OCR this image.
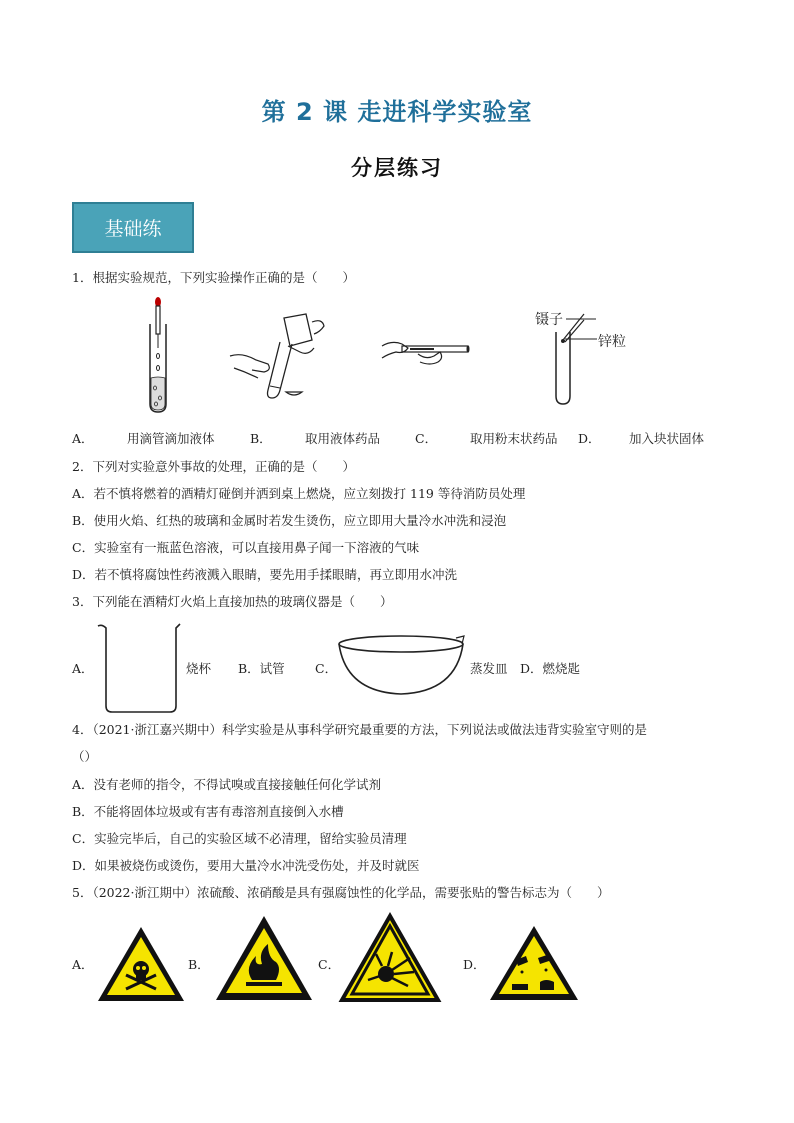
第 2 课 走进科学实验室
分层练习
基础练
1．根据实验规范，下列实验操作正确的是（　　）
镊子
锌粒
A．	用滴管滴加液体	B．	取用液体药品	C．	取用粉末状药品 D． 加入块状固体
2．下列对实验意外事故的处理，正确的是（　　）
A．若不慎将燃着的酒精灯碰倒并洒到桌上燃烧，应立刻拨打 119 等待消防员处理
B．使用火焰、红热的玻璃和金属时若发生烫伤，应立即用大量冷水冲洗和浸泡
C．实验室有一瓶蓝色溶液，可以直接用鼻子闻一下溶液的气味
D．若不慎将腐蚀性药液溅入眼睛，要先用手揉眼睛，再立即用水冲洗
3．下列能在酒精灯火焰上直接加热的玻璃仪器是（　　）
A．	烧杯 B．试管 C．	蒸发皿 D．燃烧匙
4．（2021·浙江嘉兴期中）科学实验是从事科学研究最重要的方法，下列说法或做法违背实验室守则的是
（）
A．没有老师的指令，不得试嗅或直接接触任何化学试剂
B．不能将固体垃圾或有害有毒溶剂直接倒入水槽
C．实验完毕后，自己的实验区域不必清理，留给实验员清理
D．如果被烧伤或烫伤，要用大量冷水冲洗受伤处，并及时就医
5．（2022·浙江期中）浓硫酸、浓硝酸是具有强腐蚀性的化学品，需要张贴的警告标志为（　　）
A．	B．	C．	D．
